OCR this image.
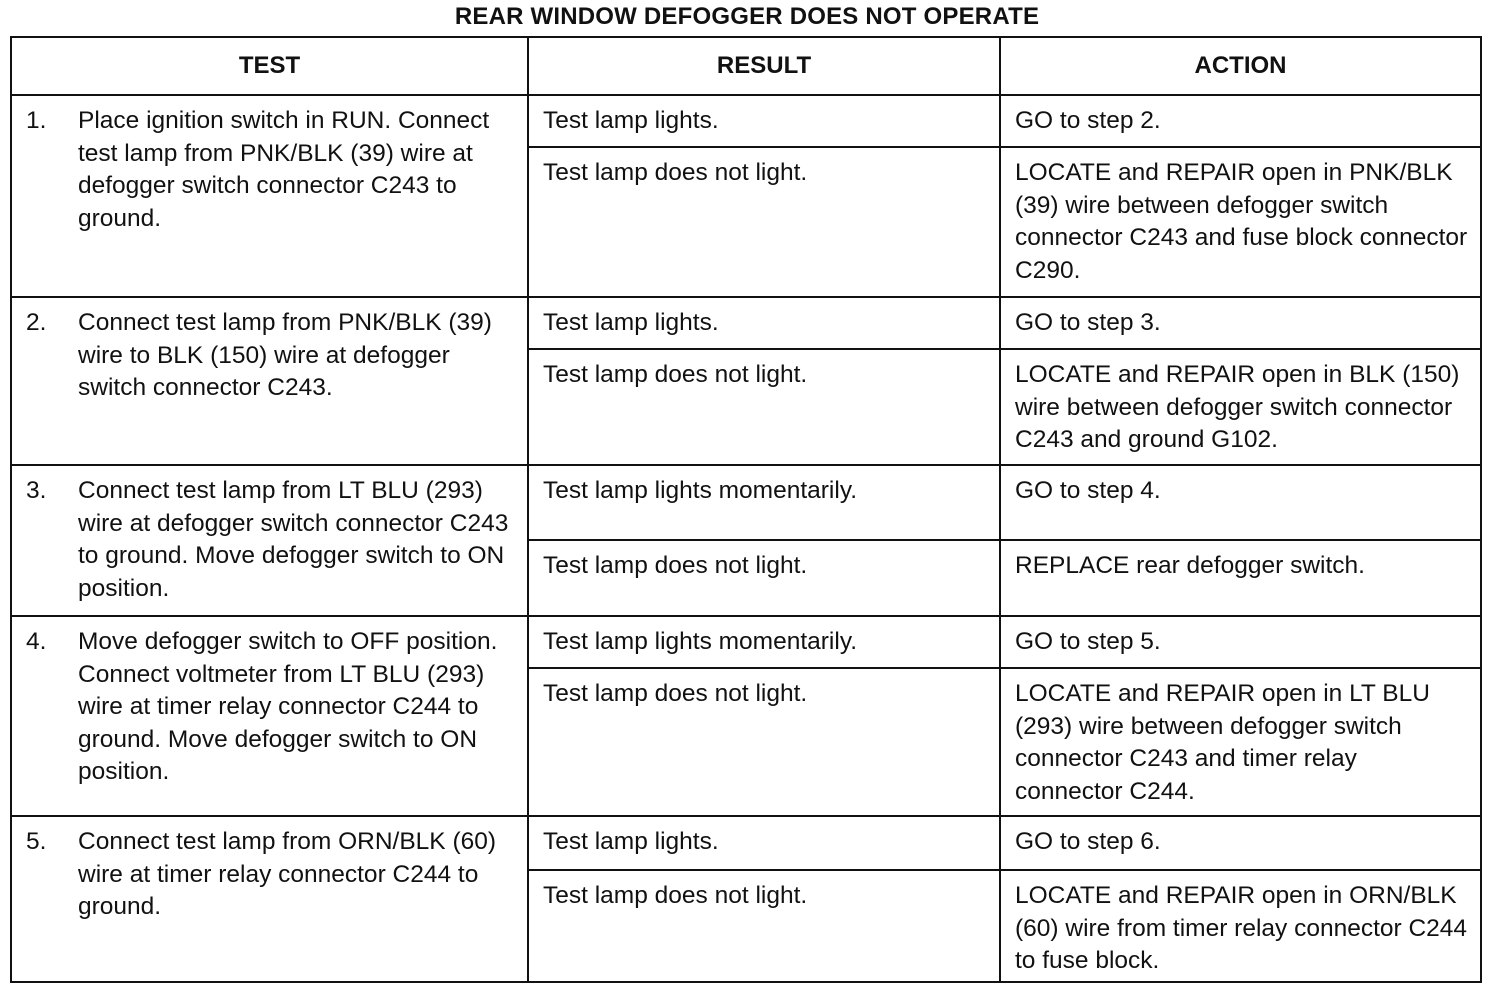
REAR WINDOW DEFOGGER DOES NOT OPERATE
TEST	RESULT	ACTION

1. Place ignition switch in RUN. Connect test lamp from PNK/BLK (39) wire at defogger switch connector C243 to ground.	Test lamp lights.	GO to step 2.

	Test lamp does not light.	LOCATE and REPAIR open in PNK/BLK (39) wire between defogger switch connector C243 and fuse block connector C290.

2. Connect test lamp from PNK/BLK (39) wire to BLK (150) wire at defogger switch connector C243.	Test lamp lights.	GO to step 3.

	Test lamp does not light.	LOCATE and REPAIR open in BLK (150) wire between defogger switch connector C243 and ground G102.

3. Connect test lamp from LT BLU (293) wire at defogger switch connector C243 to ground. Move defogger switch to ON position.	Test lamp lights momentarily.	GO to step 4.

	Test lamp does not light.	REPLACE rear defogger switch.

4. Move defogger switch to OFF position. Connect voltmeter from LT BLU (293) wire at timer relay connector C244 to ground. Move defogger switch to ON position.	Test lamp lights momentarily.	GO to step 5.

	Test lamp does not light.	LOCATE and REPAIR open in LT BLU (293) wire between defogger switch connector C243 and timer relay connector C244.

5. Connect test lamp from ORN/BLK (60) wire at timer relay connector C244 to ground.	Test lamp lights.	GO to step 6.

	Test lamp does not light.	LOCATE and REPAIR open in ORN/BLK (60) wire from timer relay connector C244 to fuse block.
